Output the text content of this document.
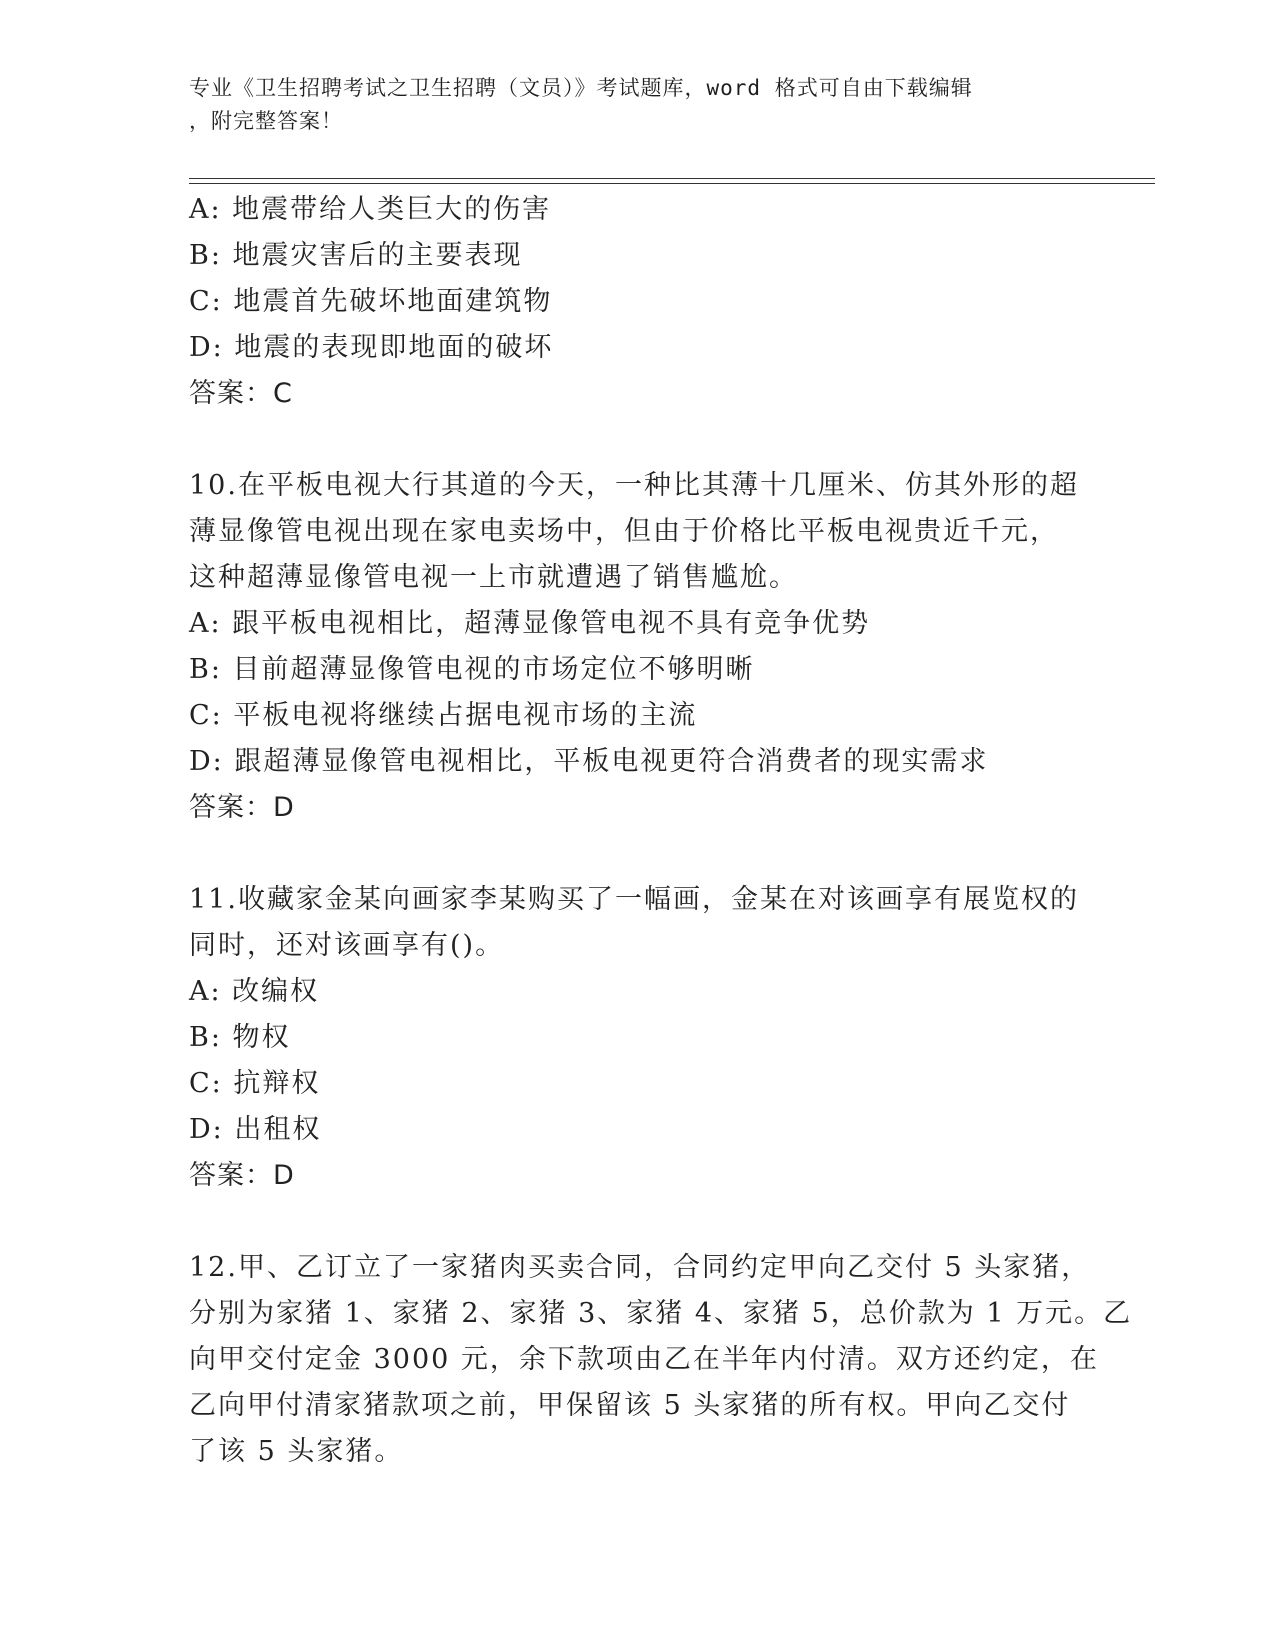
专业《卫生招聘考试之卫生招聘（文员）》考试题库，word 格式可自由下载编辑
，附完整答案！
A: 地震带给人类巨大的伤害
B: 地震灾害后的主要表现
C: 地震首先破坏地面建筑物
D: 地震的表现即地面的破坏
答案：C
10.在平板电视大行其道的今天，一种比其薄十几厘米、仿其外形的超
薄显像管电视出现在家电卖场中，但由于价格比平板电视贵近千元，
这种超薄显像管电视一上市就遭遇了销售尴尬。
A: 跟平板电视相比，超薄显像管电视不具有竞争优势
B: 目前超薄显像管电视的市场定位不够明晰
C: 平板电视将继续占据电视市场的主流
D: 跟超薄显像管电视相比，平板电视更符合消费者的现实需求
答案：D
11.收藏家金某向画家李某购买了一幅画，金某在对该画享有展览权的
同时，还对该画享有()。
A: 改编权
B: 物权
C: 抗辩权
D: 出租权
答案：D
12.甲、乙订立了一家猪肉买卖合同，合同约定甲向乙交付 5 头家猪，
分别为家猪 1、家猪 2、家猪 3、家猪 4、家猪 5，总价款为 1 万元。乙
向甲交付定金 3000 元，余下款项由乙在半年内付清。双方还约定，在
乙向甲付清家猪款项之前，甲保留该 5 头家猪的所有权。甲向乙交付
了该 5 头家猪。
